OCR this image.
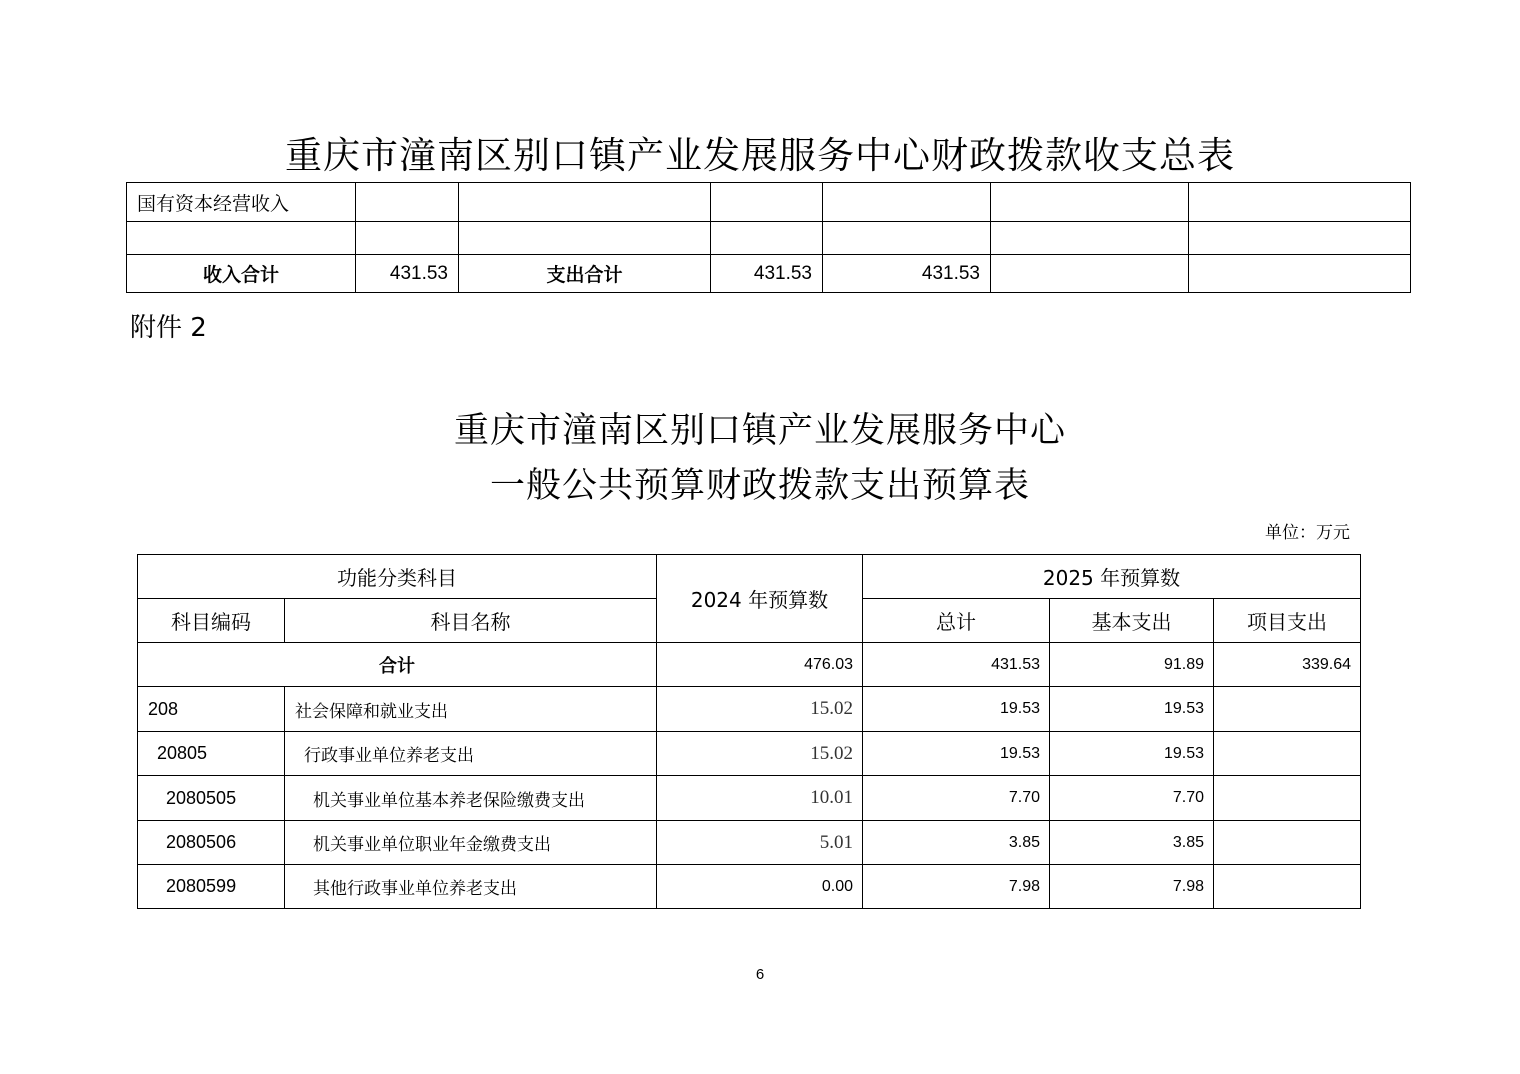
重庆市潼南区别口镇产业发展服务中心财政拨款收支总表
国有资本经营收入						

收入合计	431.53	支出合计	431.53	431.53		
附件 2
重庆市潼南区别口镇产业发展服务中心
一般公共预算财政拨款支出预算表
单位：万元
功能分类科目		2024 年预算数	2025 年预算数		
科目编码	科目名称		总计	基本支出	项目支出
合计		476.03	431.53	91.89	339.64
208	社会保障和就业支出	15.02	19.53	19.53	
20805	行政事业单位养老支出	15.02	19.53	19.53	
2080505	机关事业单位基本养老保险缴费支出	10.01	7.70	7.70	
2080506	机关事业单位职业年金缴费支出	5.01	3.85	3.85	
2080599	其他行政事业单位养老支出	0.00	7.98	7.98	
6
